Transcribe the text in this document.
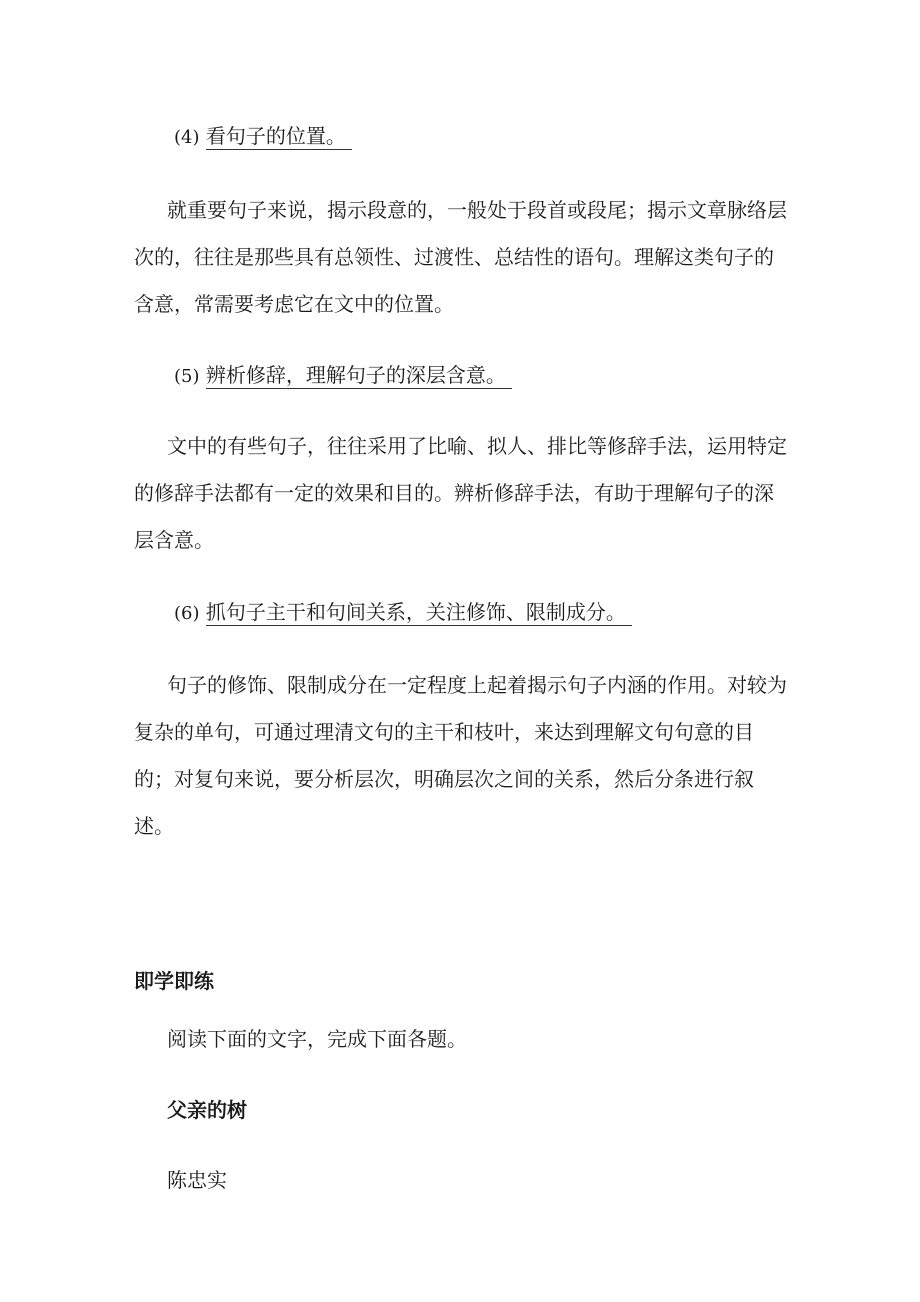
(4) 看句子的位置。
就重要句子来说，揭示段意的，一般处于段首或段尾；揭示文章脉络层
次的，往往是那些具有总领性、过渡性、总结性的语句。理解这类句子的
含意，常需要考虑它在文中的位置。
(5) 辨析修辞，理解句子的深层含意。
文中的有些句子，往往采用了比喻、拟人、排比等修辞手法，运用特定
的修辞手法都有一定的效果和目的。辨析修辞手法，有助于理解句子的深
层含意。
(6) 抓句子主干和句间关系，关注修饰、限制成分。
句子的修饰、限制成分在一定程度上起着揭示句子内涵的作用。对较为
复杂的单句，可通过理清文句的主干和枝叶，来达到理解文句句意的目
的；对复句来说，要分析层次，明确层次之间的关系，然后分条进行叙
述。
即学即练
阅读下面的文字，完成下面各题。
父亲的树
陈忠实
